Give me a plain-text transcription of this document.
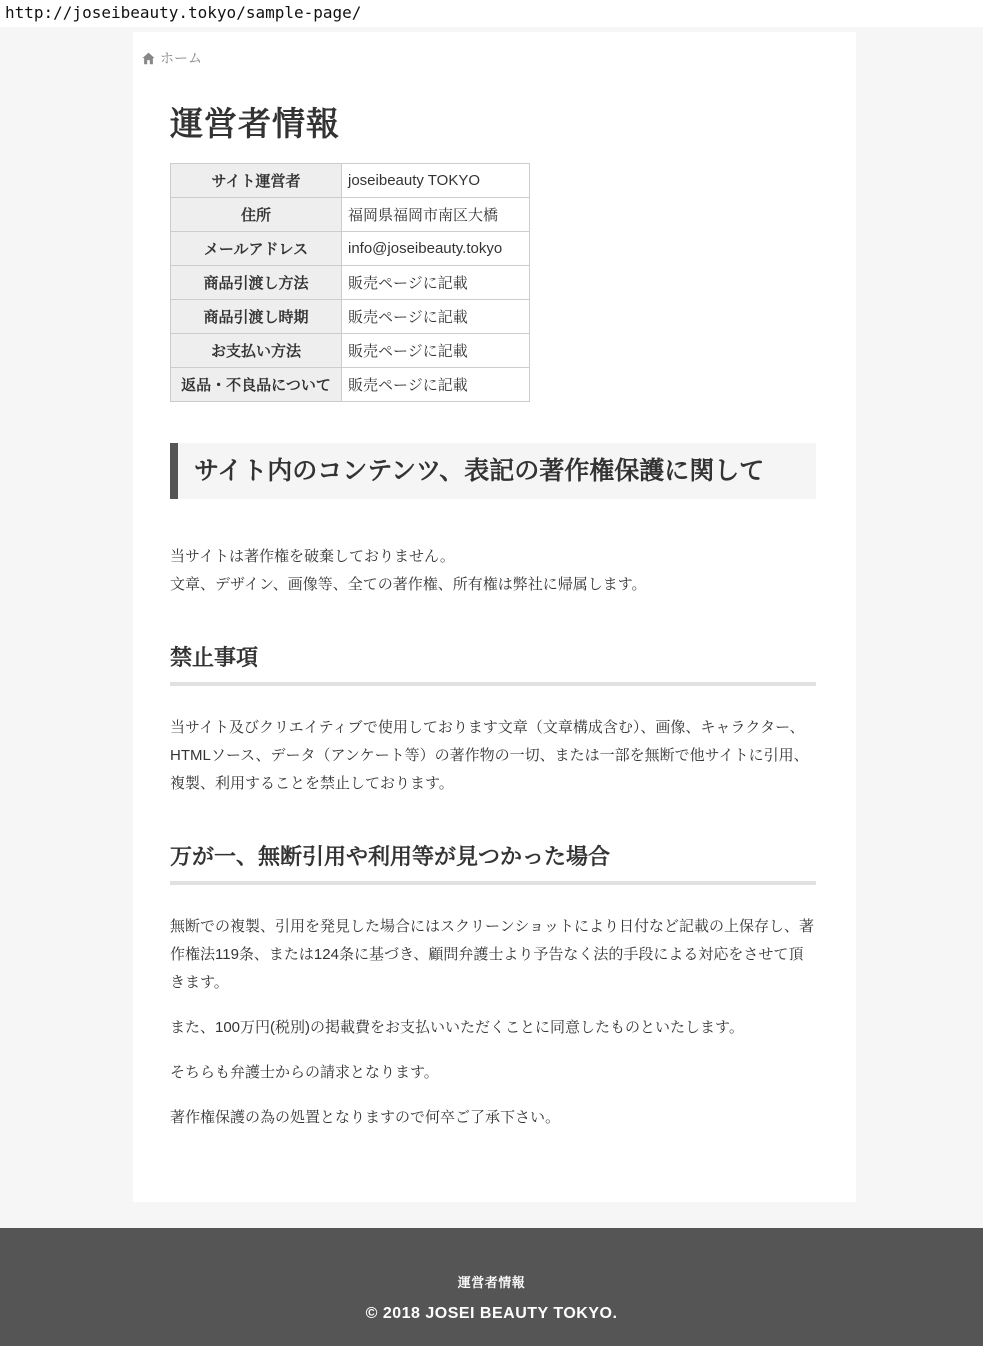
http://joseibeauty.tokyo/sample-page/
ホーム
運営者情報
サイト運営者	joseibeauty TOKYO
住所	福岡県福岡市南区大橋
メールアドレス	info@joseibeauty.tokyo
商品引渡し方法	販売ページに記載
商品引渡し時期	販売ページに記載
お支払い方法	販売ページに記載
返品・不良品について	販売ページに記載
サイト内のコンテンツ、表記の著作権保護に関して

当サイトは著作権を破棄しておりません。
文章、デザイン、画像等、全ての著作権、所有権は弊社に帰属します。

禁止事項

当サイト及びクリエイティブで使用しております文章（文章構成含む）、画像、キャラクター、HTMLソース、データ（アンケート等）の著作物の一切、または一部を無断で他サイトに引用、複製、利用することを禁止しております。

万が一、無断引用や利用等が見つかった場合

無断での複製、引用を発見した場合にはスクリーンショットにより日付など記載の上保存し、著作権法119条、または124条に基づき、顧問弁護士より予告なく法的手段による対応をさせて頂きます。

また、100万円(税別)の掲載費をお支払いいただくことに同意したものといたします。

そちらも弁護士からの請求となります。

著作権保護の為の処置となりますので何卒ご了承下さい。

運営者情報
© 2018 JOSEI BEAUTY TOKYO.
